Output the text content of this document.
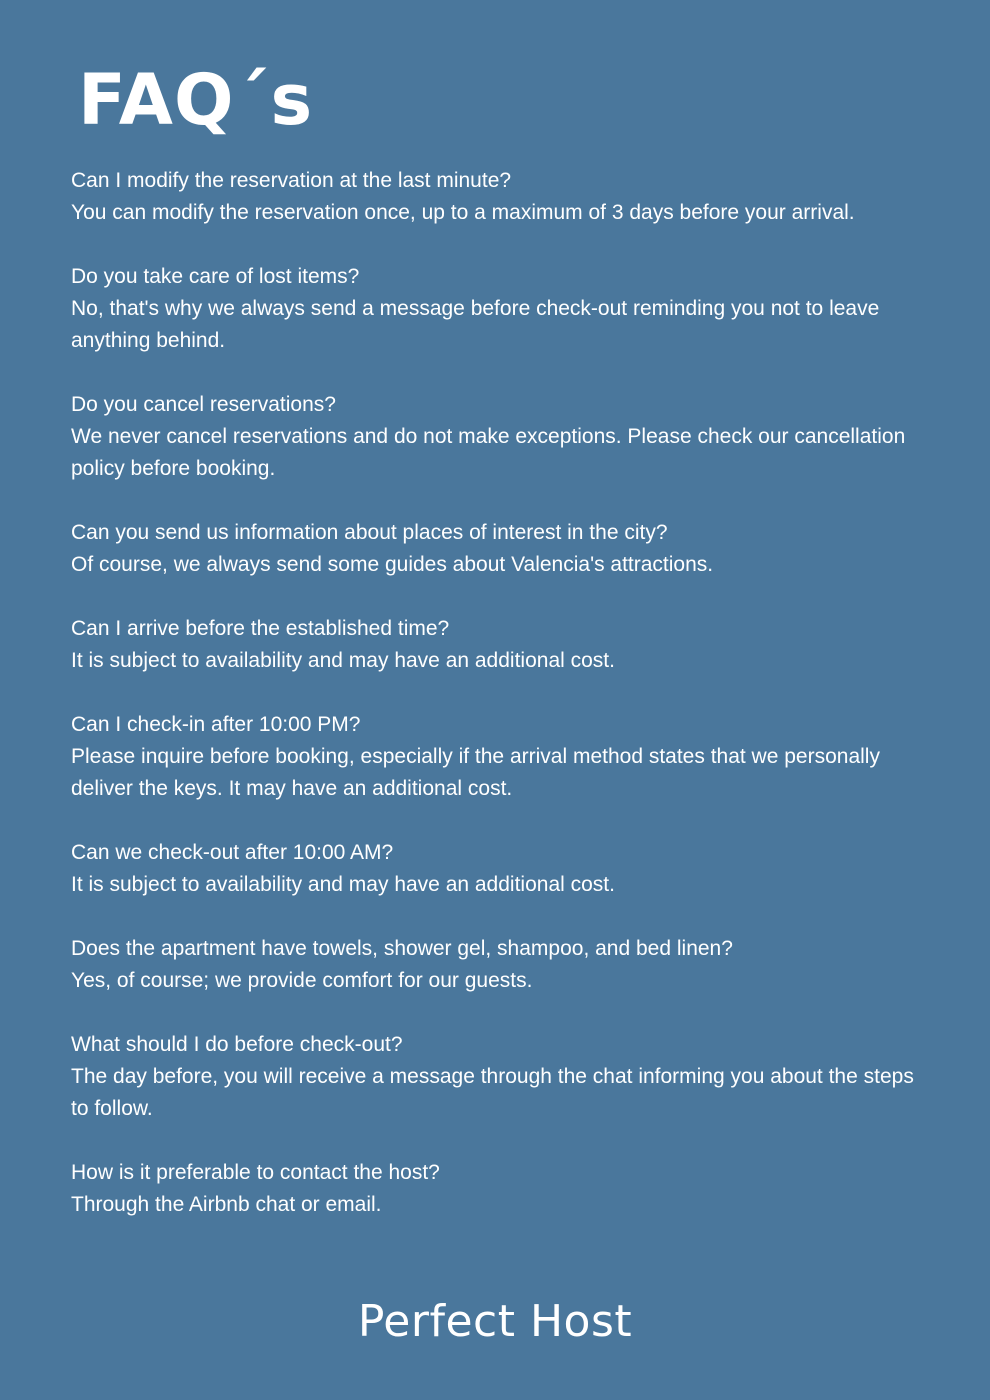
FAQ´s

Can I modify the reservation at the last minute?

You can modify the reservation once, up to a maximum of 3 days before your arrival.

Do you take care of lost items?

No, that's why we always send a message before check-out reminding you not to leave anything behind.

Do you cancel reservations?

We never cancel reservations and do not make exceptions. Please check our cancellation policy before booking.

Can you send us information about places of interest in the city?

Of course, we always send some guides about Valencia's attractions.

Can I arrive before the established time?

It is subject to availability and may have an additional cost.

Can I check-in after 10:00 PM?

Please inquire before booking, especially if the arrival method states that we personally deliver the keys. It may have an additional cost.

Can we check-out after 10:00 AM?

It is subject to availability and may have an additional cost.

Does the apartment have towels, shower gel, shampoo, and bed linen?

Yes, of course; we provide comfort for our guests.

What should I do before check-out?

The day before, you will receive a message through the chat informing you about the steps to follow.

How is it preferable to contact the host?

Through the Airbnb chat or email.

Perfect Host
